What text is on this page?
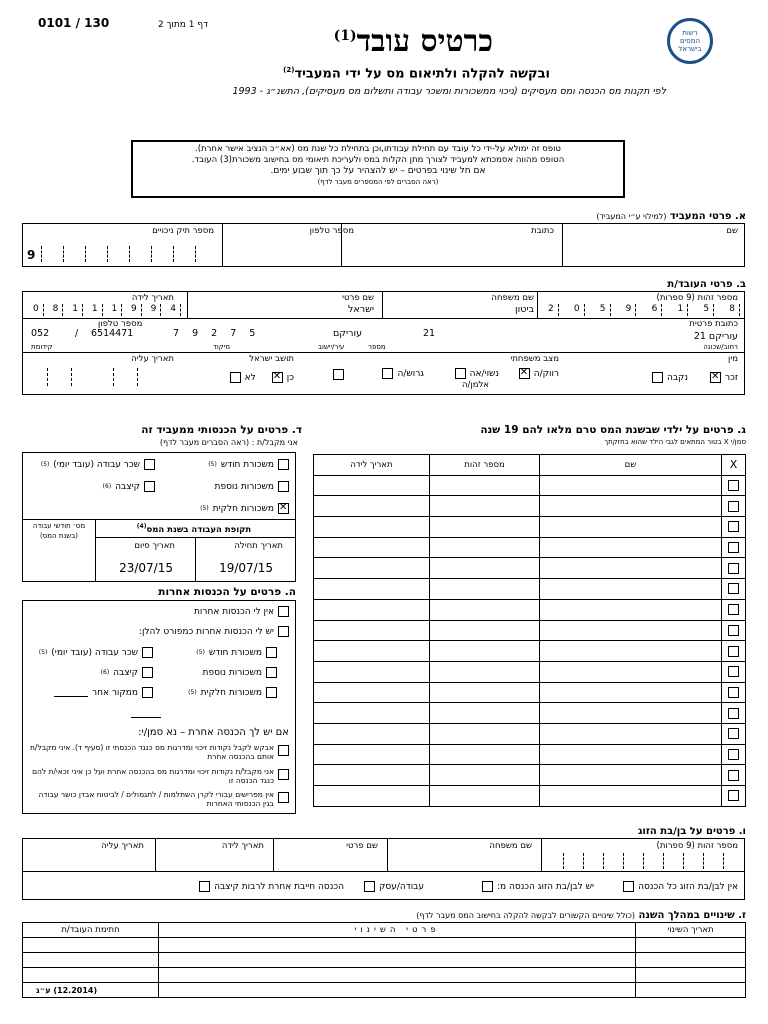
0101 / 130	דף 1 מתוך 2	כרטיס עובד$^{(1)}$
ובקשה להקלה ולתיאום מס על ידי המעביד$^{(2)}$
לפי תקנות מס הכנסה ומס מעסיקים (ניכוי ממשכורות ומשכר עבודה ותשלום מס מעסיקים), התשנ״ג - 1993
רשות המסים בישראל
טופס זה ימולא על-ידי כל עובד עם תחילת עבודתו,וכן בתחילת כל שנת מס (אא״כ הנציב אישר אחרת).
הטופס מהווה אסמכתא למעביד לצורך מתן הקלות במס ולעריכת תיאומי מס בחישוב משכורת(3) העובד.
אם חל שינוי בפרטים – יש להצהיר על כך תוך שבוע ימים.
(ראה הסברים לפי המספרים מעבר לדף)
א. פרטי המעביד (למילוי ע״י המעביד)
שם
כתובת
מספר טלפון
מספר תיק ניכויים
9
ב. פרטי העובד/ת
מספר זהות (9 ספרות)
שם משפחה
ביטון
שם פרטי
ישראל
תאריך לידה
8
5
1
6
9
5
0
2
4
9
9
1
1
1
8
0
כתובת פרטית
עוריקם 21
רחוב/שכונה
21
מספר
עוריקם
עיר/יישוב
7 9 2 7 5
מיקוד
מספר טלפון
052	/ 6514471
קידומת
מין
זכר
✕
נקבה
מצב משפחתי
רווק/ה
✕
נשוי/אה
אלמן/ה
גרוש/ה
תושב ישראל
כן
✕
לא
תאריך עליה
ג. פרטים על ילדי שבשנת המס טרם מלאו להם 19 שנה
סמן/י X בטור המתאים לגבי הילד שהוא בחזקתך
X	שם	מספר זהות	תאריך לידה

ד. פרטים על הכנסותי ממעביד זה
אני מקבל/ת : (ראה הסברים מעבר לדף)
משכורת חודש
(5)
משכורות נוספת
✕
משכורות חלקית
(5)
שכר עבודה (עובד יומי)
(5)
קיצבה
(6)
תקופת העבודה בשנת המס$^{(4)}$
תאריך תחילה
19/07/15
תאריך סיום
23/07/15
מס׳ חודשי עבודה (בשנת המס)
ה. פרטים על הכנסות אחרות
אין לי הכנסות אחרות
יש לי הכנסות אחרות כמפורט להלן:
משכורת חודש
(5)
משכורות נוספת
משכורות חלקית
(5)
שכר עבודה (עובד יומי)
(5)
קיצבה
(6)
ממקור אחר
אם יש לך הכנסה אחרת – נא סמן/י:
אבקש לקבל נקודות זיכוי ומדרגות מס כנגד הכנסתי זו (סעיף ד). איני מקבל/ת אותם בהכנסה אחרת
אני מקבל/ת נקודות זיכוי ומדרגות מס בהכנסה אחרת ועל כן איני זכאי/ת להם כנגד הכנסה זו
אין מפרישים עבורי לקרן השתלמות / לתגמולים / לביטוח אבדן כושר עבודה בגין הכנסותי האחרות
ו. פרטים על בן/בת הזוג
מספר זהות (9 ספרות)
שם משפחה
שם פרטי
תאריך לידה
תאריך עליה
אין לבן/בת הזוג כל הכנסה
יש לבן/בת הזוג הכנסה מ:
עבודה/עסק
הכנסה חייבת אחרת לרבות קיצבה
ז. שינויים במהלך השנה (כולל שינויים הקשורים לבקשה להקלה בחישוב המס מעבר לדף)
תאריך השינוי	פרטי השינוי	חתימת העובד/ת

(12.2014) ע״ג
